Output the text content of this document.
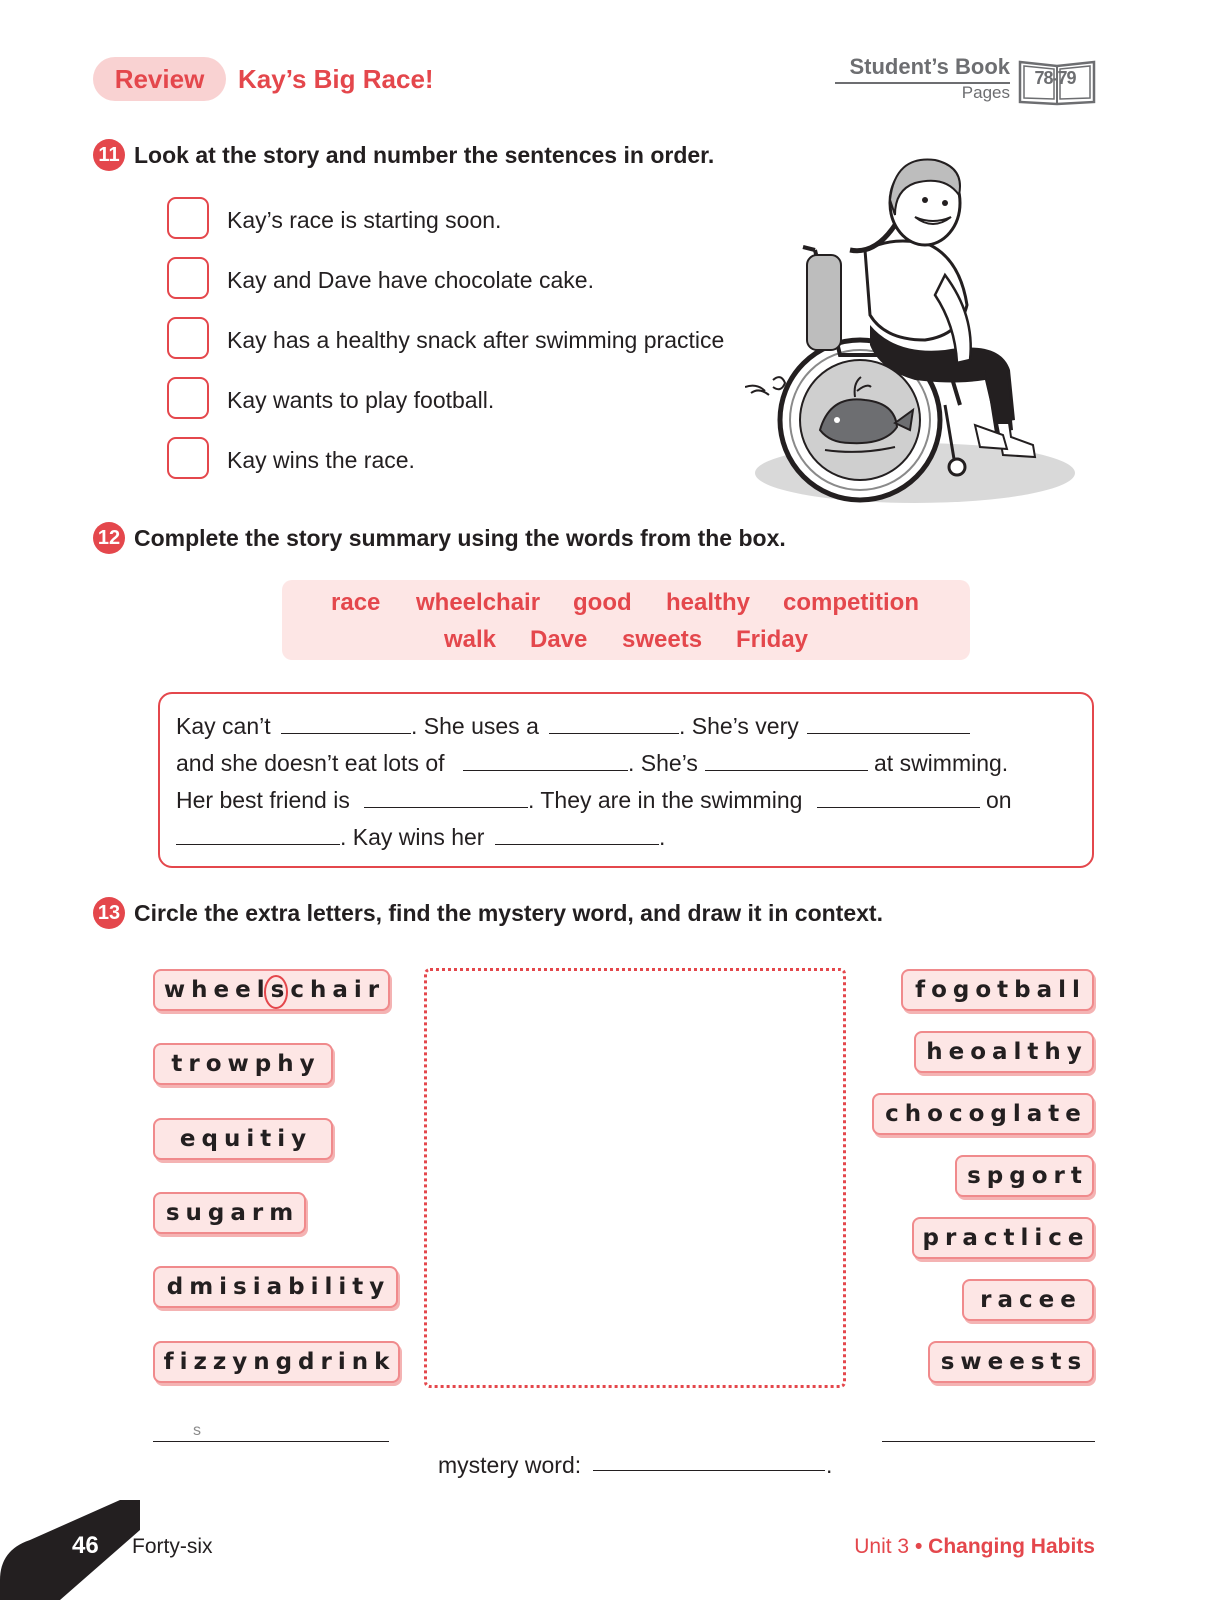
Review	Kay’s Big Race!	Student’s Book
Pages
78-79
11 Look at the story and number the sentences in order.
Kay’s race is starting soon.
Kay and Dave have chocolate cake.
Kay has a healthy snack after swimming practice
Kay wants to play football.
Kay wins the race.
12 Complete the story summary using the words from the box.
race wheelchair good healthy competition
walk Dave sweets Friday
Kay can’t	. She uses a	. She’s very
and she doesn’t eat lots of	. She’s	at swimming.
Her best friend is	. They are in the swimming	on
. Kay wins her	.
13 Circle the extra letters, find the mystery word, and draw it in context.
wheelschair
trowphy
equitiy
sugarm
dmisiability
fizzyngdrink
fogotball
heoalthy
chocoglate
spgort
practlice
racee
sweests
s
mystery word:	.
46 Forty-six	Unit 3 • Changing Habits
